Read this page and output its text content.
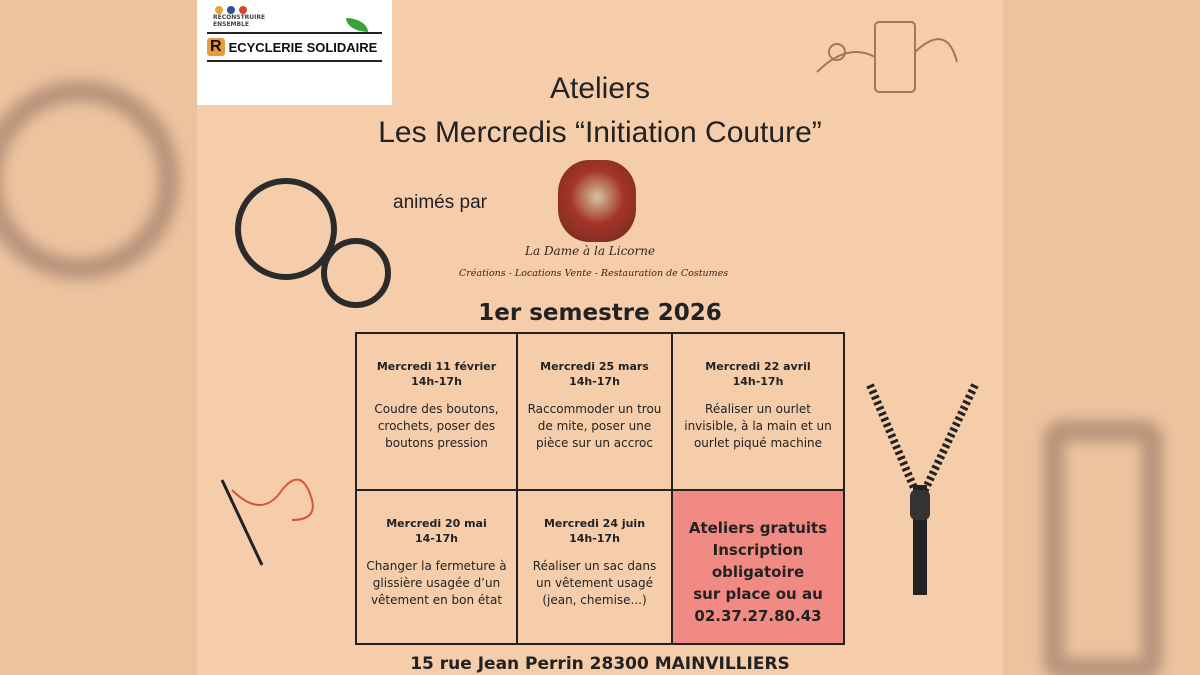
RECONSTRUIRE
ENSEMBLE
R ECYCLERIE SOLIDAIRE
Ateliers
Les Mercredis “Initiation Couture”
animés par
La Dame à la Licorne
Créations - Locations Vente - Restauration de Costumes
1er semestre 2026
Mercredi 11 février
14h-17h
Coudre des boutons, crochets, poser des boutons pression
Mercredi 25 mars
14h-17h
Raccommoder un trou de mite, poser une pièce sur un accroc
Mercredi 22 avril
14h-17h
Réaliser un ourlet invisible, à la main et un ourlet piqué machine
Mercredi 20 mai
14-17h
Changer la fermeture à glissière usagée d’un vêtement en bon état
Mercredi 24 juin
14h-17h
Réaliser un sac dans un vêtement usagé (jean, chemise...)
Ateliers gratuits
Inscription obligatoire
sur place ou au
02.37.27.80.43
15 rue Jean Perrin 28300 MAINVILLIERS
